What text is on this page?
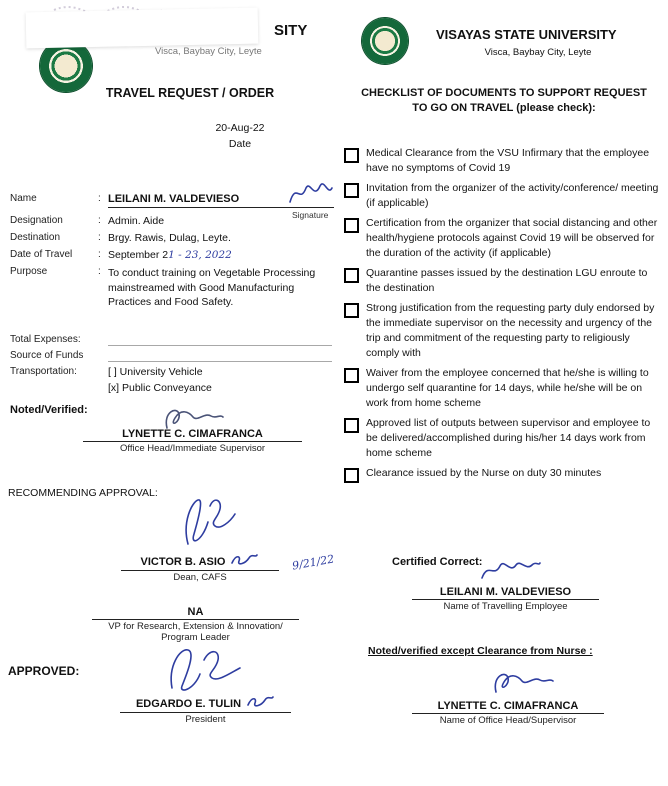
SITY
Visca, Baybay City, Leyte
TRAVEL REQUEST / ORDER
20-Aug-22
Date
Name	: LEILANI M. VALDEVIESO
Signature
Designation	: Admin. Aide
Destination	: Brgy. Rawis, Dulag, Leyte.
Date of Travel	: September 21 - 23, 2022
Purpose	: To conduct training on Vegetable Processing mainstreamed with Good Manufacturing Practices and Food Safety.
Total Expenses:
Source of Funds
Transportation:	[ ] University Vehicle
[x] Public Conveyance
Noted/Verified:
LYNETTE C. CIMAFRANCA
Office Head/Immediate Supervisor
RECOMMENDING APPROVAL:
VICTOR B. ASIO
Dean, CAFS
9/21/22
NA
VP for Research, Extension & Innovation/
Program Leader
APPROVED:
EDGARDO E. TULIN
President
VISAYAS STATE UNIVERSITY
Visca, Baybay City, Leyte
CHECKLIST OF DOCUMENTS TO SUPPORT REQUEST
TO GO ON TRAVEL (please check):
Medical Clearance from the VSU Infirmary that the employee have no symptoms of Covid 19
Invitation from the organizer of the activity/conference/ meeting (if applicable)
Certification from the organizer that social distancing and other health/hygiene protocols against Covid 19 will be observed for the duration of the activity (if applicable)
Quarantine passes issued by the destination LGU enroute to the destination
Strong justification from the requesting party duly endorsed by the immediate supervisor on the necessity and urgency of the trip and commitment of the requesting party to religiously comply with
Waiver from the employee concerned that he/she is willing to undergo self quarantine for 14 days, while he/she will be on work from home scheme
Approved list of outputs between supervisor and employee to be delivered/accomplished during his/her 14 days work from home scheme
Clearance issued by the Nurse on duty 30 minutes
Certified Correct:
LEILANI M. VALDEVIESO
Name of Travelling Employee
Noted/verified except Clearance from Nurse :
LYNETTE C. CIMAFRANCA
Name of Office Head/Supervisor
